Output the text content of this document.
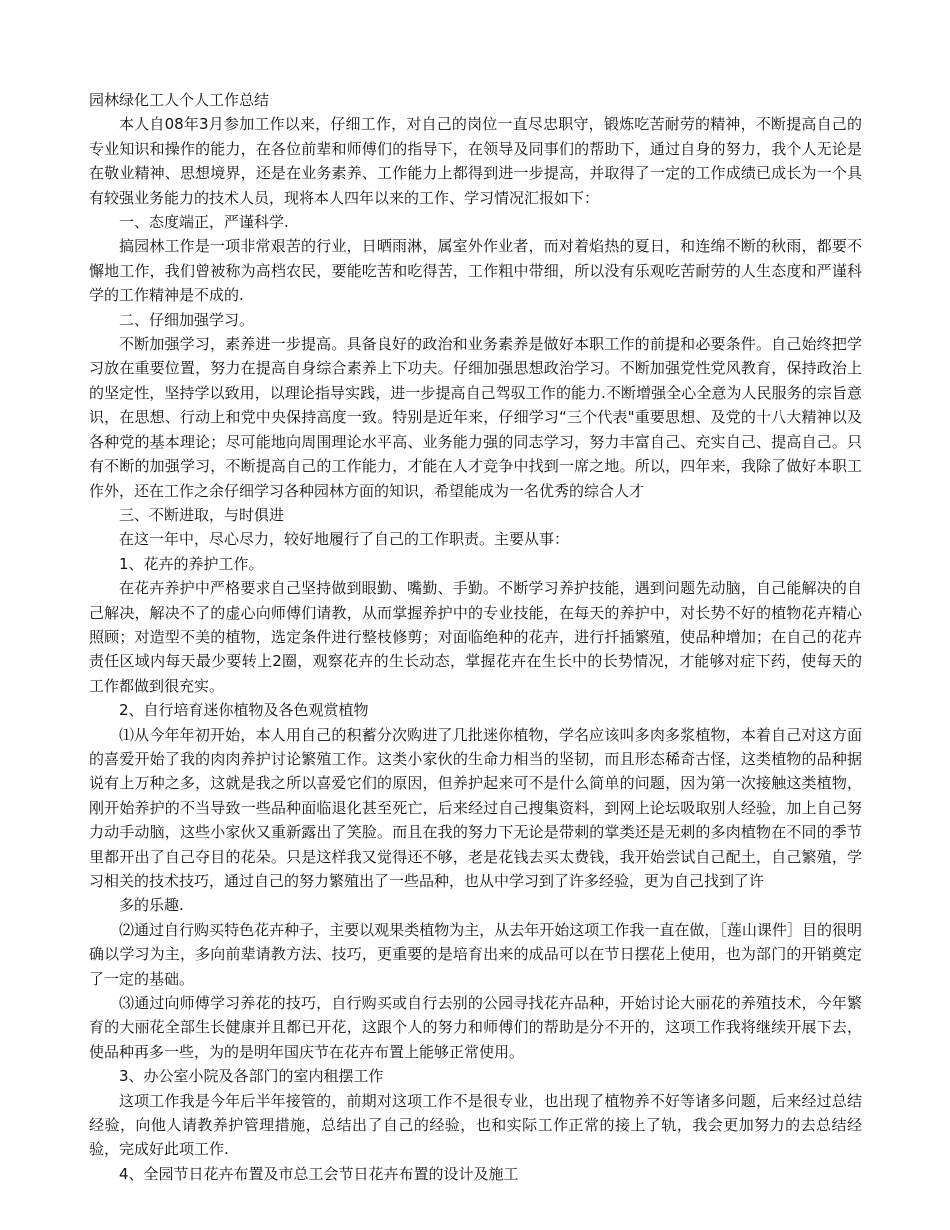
园林绿化工人个人工作总结

本人自08年3月参加工作以来，仔细工作，对自己的岗位一直尽忠职守，锻炼吃苦耐劳的精神，不断提高自己的专业知识和操作的能力，在各位前辈和师傅们的指导下，在领导及同事们的帮助下，通过自身的努力，我个人无论是在敬业精神、思想境界，还是在业务素养、工作能力上都得到进一步提高，并取得了一定的工作成绩已成长为一个具有较强业务能力的技术人员，现将本人四年以来的工作、学习情况汇报如下：

一、态度端正，严谨科学.

搞园林工作是一项非常艰苦的行业，日晒雨淋，属室外作业者，而对着焰热的夏日，和连绵不断的秋雨，都要不懈地工作，我们曾被称为高档农民，要能吃苦和吃得苦，工作粗中带细，所以没有乐观吃苦耐劳的人生态度和严谨科学的工作精神是不成的.

二、仔细加强学习。

不断加强学习，素养进一步提高。具备良好的政治和业务素养是做好本职工作的前提和必要条件。自己始终把学习放在重要位置，努力在提高自身综合素养上下功夫。仔细加强思想政治学习。不断加强党性党风教育，保持政治上的坚定性，坚持学以致用，以理论指导实践，进一步提高自己驾驭工作的能力.不断增强全心全意为人民服务的宗旨意识，在思想、行动上和党中央保持高度一致。特别是近年来，仔细学习“三个代表"重要思想、及党的十八大精神以及各种党的基本理论；尽可能地向周围理论水平高、业务能力强的同志学习，努力丰富自己、充实自己、提高自己。只有不断的加强学习，不断提高自己的工作能力，才能在人才竞争中找到一席之地。所以，四年来，我除了做好本职工作外，还在工作之余仔细学习各种园林方面的知识，希望能成为一名优秀的综合人才

三、不断进取，与时俱进

在这一年中，尽心尽力，较好地履行了自己的工作职责。主要从事：

1、花卉的养护工作。

在花卉养护中严格要求自己坚持做到眼勤、嘴勤、手勤。不断学习养护技能，遇到问题先动脑，自己能解决的自己解决，解决不了的虚心向师傅们请教，从而掌握养护中的专业技能，在每天的养护中，对长势不好的植物花卉精心照顾；对造型不美的植物，选定条件进行整枝修剪；对面临绝种的花卉，进行扦插繁殖，使品种增加；在自己的花卉责任区域内每天最少要转上2圈，观察花卉的生长动态，掌握花卉在生长中的长势情况，才能够对症下药，使每天的工作都做到很充实。

2、自行培育迷你植物及各色观赏植物

⑴从今年年初开始，本人用自己的积蓄分次购进了几批迷你植物，学名应该叫多肉多浆植物，本着自己对这方面的喜爱开始了我的肉肉养护讨论繁殖工作。这类小家伙的生命力相当的坚韧，而且形态稀奇古怪，这类植物的品种据说有上万种之多，这就是我之所以喜爱它们的原因，但养护起来可不是什么简单的问题，因为第一次接触这类植物，刚开始养护的不当导致一些品种面临退化甚至死亡，后来经过自己搜集资料，到网上论坛吸取别人经验，加上自己努力动手动脑，这些小家伙又重新露出了笑脸。而且在我的努力下无论是带刺的掌类还是无刺的多肉植物在不同的季节里都开出了自己夺目的花朵。只是这样我又觉得还不够，老是花钱去买太费钱，我开始尝试自己配土，自己繁殖，学习相关的技术技巧，通过自己的努力繁殖出了一些品种，也从中学习到了许多经验，更为自己找到了许

多的乐趣.

⑵通过自行购买特色花卉种子，主要以观果类植物为主，从去年开始这项工作我一直在做，［莲山课件］目的很明确以学习为主，多向前辈请教方法、技巧，更重要的是培育出来的成品可以在节日摆花上使用，也为部门的开销奠定了一定的基础。

⑶通过向师傅学习养花的技巧，自行购买或自行去别的公园寻找花卉品种，开始讨论大丽花的养殖技术，今年繁育的大丽花全部生长健康并且都已开花，这跟个人的努力和师傅们的帮助是分不开的，这项工作我将继续开展下去，使品种再多一些，为的是明年国庆节在花卉布置上能够正常使用。

3、办公室小院及各部门的室内租摆工作

这项工作我是今年后半年接管的，前期对这项工作不是很专业，也出现了植物养不好等诸多问题，后来经过总结经验，向他人请教养护管理措施，总结出了自己的经验，也和实际工作正常的接上了轨，我会更加努力的去总结经验，完成好此项工作.

4、全园节日花卉布置及市总工会节日花卉布置的设计及施工
